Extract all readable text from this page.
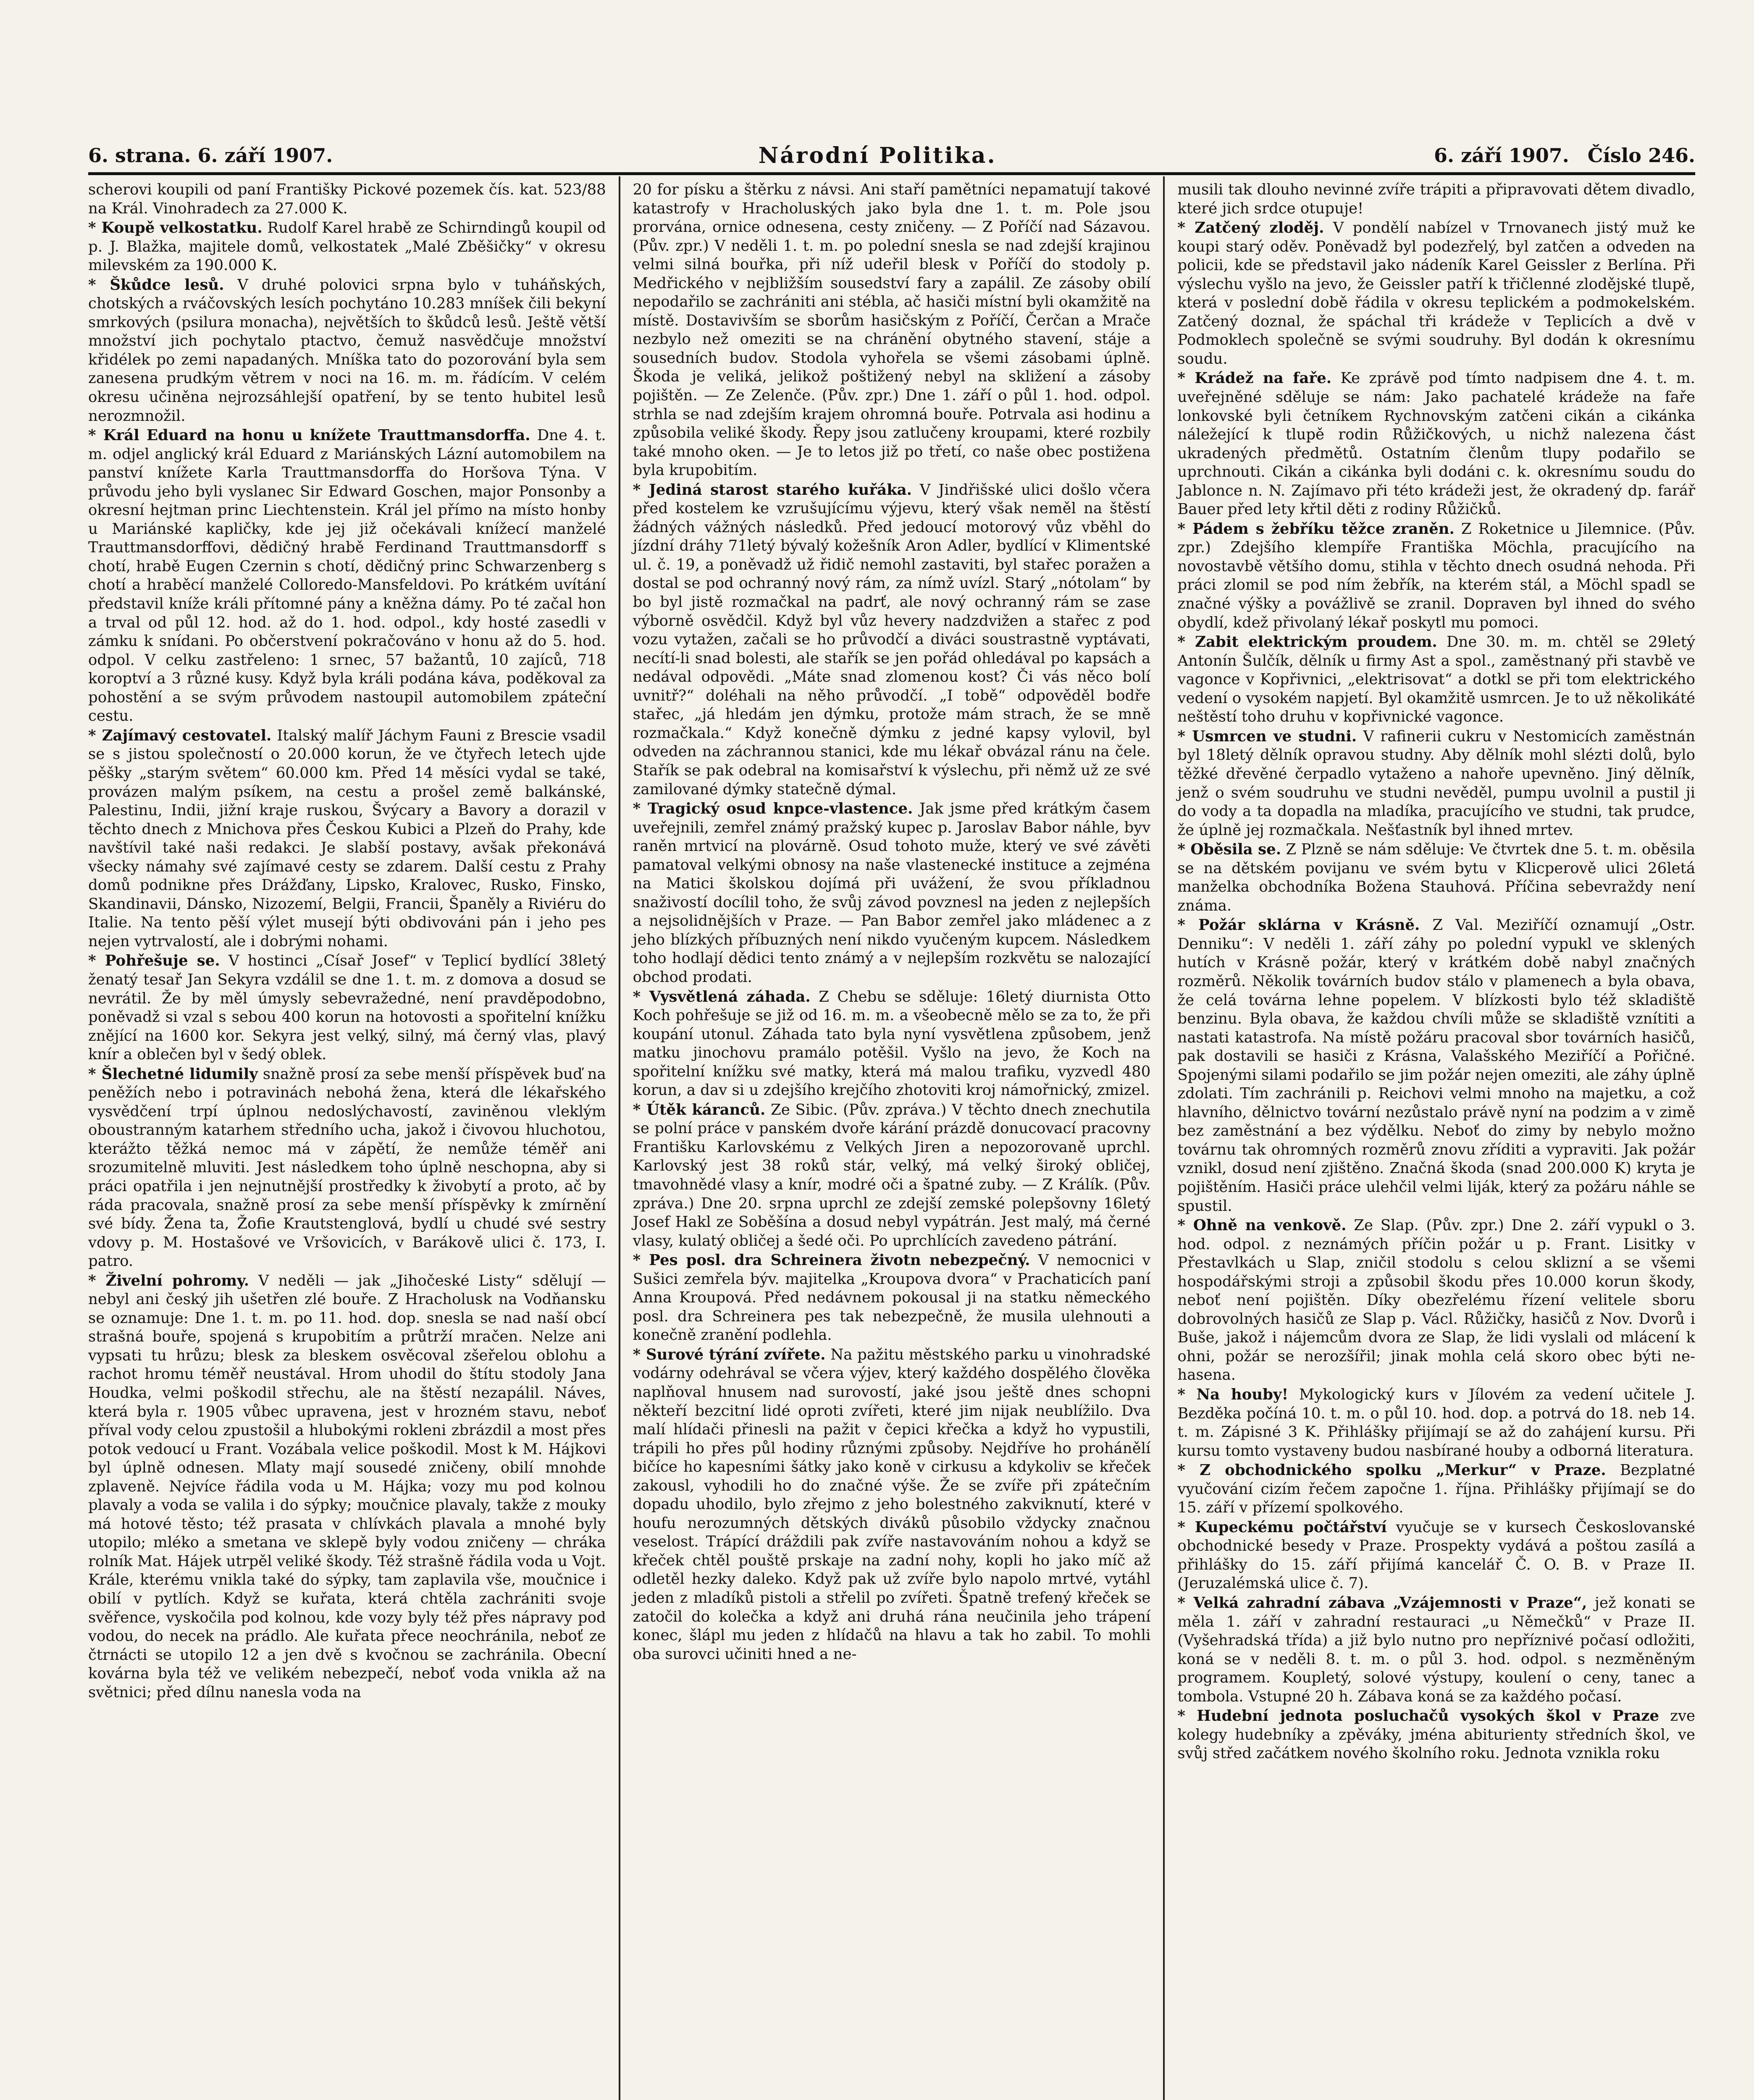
6. strana. 6. září 1907.	Národní Politika.	6. září 1907. Číslo 246.

scherovi koupili od paní Františky Pickové pozemek čís. kat. 523/88 na Král. Vinohradech za 27.000 K.

* Koupě velkostatku. Rudolf Karel hrabě ze Schirndingů koupil od p. J. Blažka, majitele domů, velkostatek „Malé Zběšičky“ v okresu milevském za 190.000 K.

* Škůdce lesů. V druhé polovici srpna bylo v tuháňských, chotských a rváčovských lesích pochytáno 10.283 mníšek čili bekyní smrkových (psilura monacha), největších to škůdců lesů. Ještě větší množství jich pochytalo ptactvo, čemuž nasvědčuje množství křidélek po zemi napadaných. Mníška tato do pozorování byla sem zanesena prudkým větrem v noci na 16. m. m. řádícím. V celém okresu učiněna nejrozsáhlejší opatření, by se tento hubitel lesů nerozmnožil.

* Král Eduard na honu u knížete Trauttmansdorffa. Dne 4. t. m. odjel anglický král Eduard z Mariánských Lázní automobilem na panství knížete Karla Trauttmansdorffa do Horšova Týna. V průvodu jeho byli vyslanec Sir Edward Goschen, major Ponsonby a okresní hejtman princ Liechtenstein. Král jel přímo na místo honby u Mariánské kapličky, kde jej již očekávali knížecí manželé Trauttmansdorffovi, dědičný hrabě Ferdinand Trauttmansdorff s chotí, hrabě Eugen Czernin s chotí, dědičný princ Schwarzenberg s chotí a hraběcí manželé Colloredo-Mansfeldovi. Po krátkém uvítání představil kníže králi přítomné pány a kněžna dámy. Po té začal hon a trval od půl 12. hod. až do 1. hod. odpol., kdy hosté zasedli v zámku k snídani. Po občerstvení pokračováno v honu až do 5. hod. odpol. V celku zastřeleno: 1 srnec, 57 bažantů, 10 zajíců, 718 koroptví a 3 různé kusy. Když byla králi podána káva, poděkoval za pohostění a se svým průvodem nastoupil automobilem zpáteční cestu.

* Zajímavý cestovatel. Italský malíř Jáchym Fauni z Brescie vsadil se s jistou společností o 20.000 korun, že ve čtyřech letech ujde pěšky „starým světem“ 60.000 km. Před 14 měsíci vydal se také, provázen malým psíkem, na cestu a prošel země balkánské, Palestinu, Indii, jižní kraje ruskou, Švýcary a Bavory a dorazil v těchto dnech z Mnichova přes Českou Kubici a Plzeň do Prahy, kde navštívil také naši redakci. Je slabší postavy, avšak překonává všecky námahy své zajímavé cesty se zdarem. Další cestu z Prahy domů podnikne přes Drážďany, Lipsko, Kralovec, Rusko, Finsko, Skandinavii, Dánsko, Nizozemí, Belgii, Francii, Španěly a Riviéru do Italie. Na tento pěší výlet musejí býti obdivováni pán i jeho pes nejen vytrvalostí, ale i dobrými nohami.

* Pohřešuje se. V hostinci „Císař Josef“ v Teplicí bydlící 38letý ženatý tesař Jan Sekyra vzdálil se dne 1. t. m. z domova a dosud se nevrátil. Že by měl úmysly sebevražedné, není pravděpodobno, poněvadž si vzal s sebou 400 korun na hotovosti a spořitelní knížku znějící na 1600 kor. Sekyra jest velký, silný, má černý vlas, plavý knír a oblečen byl v šedý oblek.

* Šlechetné lidumily snažně prosí za sebe menší příspěvek buď na peněžích nebo i potravinách nebohá žena, která dle lékařského vysvědčení trpí úplnou nedoslýchavostí, zaviněnou vleklým oboustranným katarhem středního ucha, jakož i čivovou hluchotou, kterážto těžká nemoc má v zápětí, že nemůže téměř ani srozumitelně mluviti. Jest následkem toho úplně neschopna, aby si práci opatřila i jen nejnutnější prostředky k živobytí a proto, ač by ráda pracovala, snažně prosí za sebe menší příspěvky k zmírnění své bídy. Žena ta, Žofie Krautstenglová, bydlí u chudé své sestry vdovy p. M. Hostašové ve Vršovicích, v Barákově ulici č. 173, I. patro.

* Živelní pohromy. V neděli — jak „Jihočeské Listy“ sdělují — nebyl ani český jih ušetřen zlé bouře. Z Hracholusk na Vodňansku se oznamuje: Dne 1. t. m. po 11. hod. dop. snesla se nad naší obcí strašná bouře, spojená s krupobitím a průtrží mračen. Nelze ani vypsati tu hrůzu; blesk za bleskem osvěcoval zšeřelou oblohu a rachot hromu téměř neustával. Hrom uhodil do štítu stodoly Jana Houdka, velmi poškodil střechu, ale na štěstí nezapálil. Náves, která byla r. 1905 vůbec upravena, jest v hrozném stavu, neboť příval vody celou zpustošil a hlubokými rokleni zbrázdil a most přes potok vedoucí u Frant. Vozábala velice poškodil. Most k M. Hájkovi byl úplně odnesen. Mlaty mají sousedé zničeny, obilí mnohde zplaveně. Nejvíce řádila voda u M. Hájka; vozy mu pod kolnou plavaly a voda se valila i do sýpky; moučnice plavaly, takže z mouky má hotové těsto; též prasata v chlívkách plavala a mnohé byly utopilo; mléko a smetana ve sklepě byly vodou zničeny — chráka rolník Mat. Hájek utrpěl veliké škody. Též strašně řádila voda u Vojt. Krále, kterému vnikla také do sýpky, tam zaplavila vše, moučnice i obilí v pytlích. Když se kuřata, která chtěla zachrániti svoje svěřence, vyskočila pod kolnou, kde vozy byly též přes nápravy pod vodou, do necek na prádlo. Ale kuřata přece neochránila, neboť ze čtrnácti se utopilo 12 a jen dvě s kvočnou se zachránila. Obecní kovárna byla též ve velikém nebezpečí, neboť voda vnikla až na světnici; před dílnu nanesla voda na

20 for písku a štěrku z návsi. Ani staří pamětníci nepamatují takové katastrofy v Hracholuských jako byla dne 1. t. m. Pole jsou prorvána, ornice odnesena, cesty zničeny. — Z Poříčí nad Sázavou. (Pův. zpr.) V neděli 1. t. m. po polední snesla se nad zdejší krajinou velmi silná bouřka, při níž udeřil blesk v Poříčí do stodoly p. Medřického v nejbližším sousedství fary a zapálil. Ze zásoby obilí nepodařilo se zachrániti ani stébla, ač hasiči místní byli okamžitě na místě. Dostavivším se sborům hasičským z Poříčí, Čerčan a Mrače nezbylo než omeziti se na chránění obytného stavení, stáje a sousedních budov. Stodola vyhořela se všemi zásobami úplně. Škoda je veliká, jelikož poštižený nebyl na skližení a zásoby pojištěn. — Ze Zelenče. (Pův. zpr.) Dne 1. září o půl 1. hod. odpol. strhla se nad zdejším krajem ohromná bouře. Potrvala asi hodinu a způsobila veliké škody. Řepy jsou zatlučeny kroupami, které rozbily také mnoho oken. — Je to letos již po třetí, co naše obec postižena byla krupobitím.

* Jediná starost starého kuřáka. V Jindřišské ulici došlo včera před kostelem ke vzrušujícímu výjevu, který však neměl na štěstí žádných vážných následků. Před jedoucí motorový vůz vběhl do jízdní dráhy 71letý bývalý kožešník Aron Adler, bydlící v Klimentské ul. č. 19, a poněvadž už řidič nemohl zastaviti, byl stařec poražen a dostal se pod ochranný nový rám, za nímž uvízl. Starý „nótolam“ by bo byl jistě rozmačkal na padrť, ale nový ochranný rám se zase výborně osvědčil. Když byl vůz hevery nadzdvižen a stařec z pod vozu vytažen, začali se ho průvodčí a diváci soustrastně vyptávati, necítí-li snad bolesti, ale stařík se jen pořád ohledával po kapsách a nedával odpovědi. „Máte snad zlomenou kost? Či vás něco bolí uvnitř?“ doléhali na něho průvodčí. „I tobě“ odpověděl bodře stařec, „já hledám jen dýmku, protože mám strach, že se mně rozmačkala.“ Když konečně dýmku z jedné kapsy vylovil, byl odveden na záchrannou stanici, kde mu lékař obvázal ránu na čele. Stařík se pak odebral na komisařství k výslechu, při němž už ze své zamilované dýmky statečně dýmal.

* Tragický osud knpce-vlastence. Jak jsme před krátkým časem uveřejnili, zemřel známý pražský kupec p. Jaroslav Babor náhle, byv raněn mrtvicí na plovárně. Osud tohoto muže, který ve své závěti pamatoval velkými obnosy na naše vlastenecké instituce a zejména na Matici školskou dojímá při uvážení, že svou příkladnou snaživostí docílil toho, že svůj závod povznesl na jeden z nejlepších a nejsolidnějších v Praze. — Pan Babor zemřel jako mládenec a z jeho blízkých příbuzných není nikdo vyučeným kupcem. Následkem toho hodlají dědici tento známý a v nejlepším rozkvětu se nalozající obchod prodati.

* Vysvětlená záhada. Z Chebu se sděluje: 16letý diurnista Otto Koch pohřešuje se již od 16. m. m. a všeobecně mělo se za to, že při koupání utonul. Záhada tato byla nyní vysvětlena způsobem, jenž matku jinochovu pramálo potěšil. Vyšlo na jevo, že Koch na spořitelní knížku své matky, která má malou trafiku, vyzvedl 480 korun, a dav si u zdejšího krejčího zhotoviti kroj námořnický, zmizel.

* Útěk káranců. Ze Sibic. (Pův. zpráva.) V těchto dnech znechutila se polní práce v panském dvoře kárání prázdě donucovací pracovny Františku Karlovskému z Velkých Jiren a nepozorovaně uprchl. Karlovský jest 38 roků stár, velký, má velký široký obličej, tmavohnědé vlasy a knír, modré oči a špatné zuby. — Z Králík. (Pův. zpráva.) Dne 20. srpna uprchl ze zdejší zemské polepšovny 16letý Josef Hakl ze Soběšína a dosud nebyl vypátrán. Jest malý, má černé vlasy, kulatý obličej a šedé oči. Po uprchlících zavedeno pátrání.

* Pes posl. dra Schreinera životn nebezpečný. V nemocnici v Sušici zemřela býv. majitelka „Kroupova dvora“ v Prachaticích paní Anna Kroupová. Před nedávnem pokousal ji na statku německého posl. dra Schreinera pes tak nebezpečně, že musila ulehnouti a konečně zranění podlehla.

* Surové týrání zvířete. Na pažitu městského parku u vinohradské vodárny odehrával se včera výjev, který každého dospělého člověka naplňoval hnusem nad surovostí, jaké jsou ještě dnes schopni někteří bezcitní lidé oproti zvířeti, které jim nijak neublížilo. Dva malí hlídači přinesli na pažit v čepici křečka a když ho vypustili, trápili ho přes půl hodiny různými způsoby. Nejdříve ho prohánělí bičíce ho kapesními šátky jako koně v cirkusu a kdykoliv se křeček zakousl, vyhodili ho do značné výše. Že se zvíře při zpátečním dopadu uhodilo, bylo zřejmo z jeho bolestného zakviknutí, které v houfu nerozumných dětských diváků působilo vždycky značnou veselost. Trápící dráždili pak zvíře nastavováním nohou a když se křeček chtěl pouště prskaje na zadní nohy, kopli ho jako míč až odletěl hezky daleko. Když pak už zvíře bylo napolo mrtvé, vytáhl jeden z mladíků pistoli a střelil po zvířeti. Špatně trefený křeček se zatočil do kolečka a když ani druhá rána neučinila jeho trápení konec, šlápl mu jeden z hlídačů na hlavu a tak ho zabil. To mohli oba surovci učiniti hned a ne-

musili tak dlouho nevinné zvíře trápiti a připravovati dětem divadlo, které jich srdce otupuje!

* Zatčený zloděj. V pondělí nabízel v Trnovanech jistý muž ke koupi starý oděv. Poněvadž byl podezřelý, byl zatčen a odveden na policii, kde se představil jako nádeník Karel Geissler z Berlína. Při výslechu vyšlo na jevo, že Geissler patří k třičlenné zlodějské tlupě, která v poslední době řádila v okresu teplickém a podmokelském. Zatčený doznal, že spáchal tři krádeže v Teplicích a dvě v Podmoklech společně se svými soudruhy. Byl dodán k okresnímu soudu.

* Krádež na faře. Ke zprávě pod tímto nadpisem dne 4. t. m. uveřejněné sděluje se nám: Jako pachatelé krádeže na faře lonkovské byli četníkem Rychnovským zatčeni cikán a cikánka náležející k tlupě rodin Růžičkových, u nichž nalezena část ukradených předmětů. Ostatním členům tlupy podařilo se uprchnouti. Cikán a cikánka byli dodáni c. k. okresnímu soudu do Jablonce n. N. Zajímavo při této krádeži jest, že okradený dp. farář Bauer před lety křtil děti z rodiny Růžičků.

* Pádem s žebříku těžce zraněn. Z Roketnice u Jilemnice. (Pův. zpr.) Zdejšího klempíře Františka Möchla, pracujícího na novostavbě většího domu, stihla v těchto dnech osudná nehoda. Při práci zlomil se pod ním žebřík, na kterém stál, a Möchl spadl se značné výšky a povážlivě se zranil. Dopraven byl ihned do svého obydlí, kdež přivolaný lékař poskytl mu pomoci.

* Zabit elektrickým proudem. Dne 30. m. m. chtěl se 29letý Antonín Šulčík, dělník u firmy Ast a spol., zaměstnaný při stavbě ve vagonce v Kopřivnici, „elektrisovat“ a dotkl se při tom elektrického vedení o vysokém napjetí. Byl okamžitě usmrcen. Je to už několikáté neštěstí toho druhu v kopřivnické vagonce.

* Usmrcen ve studni. V rafinerii cukru v Nestomicích zaměstnán byl 18letý dělník opravou studny. Aby dělník mohl slézti dolů, bylo těžké dřevěné čerpadlo vytaženo a nahoře upevněno. Jiný dělník, jenž o svém soudruhu ve studni nevěděl, pumpu uvolnil a pustil ji do vody a ta dopadla na mladíka, pracujícího ve studni, tak prudce, že úplně jej rozmačkala. Nešťastník byl ihned mrtev.

* Oběsila se. Z Plzně se nám sděluje: Ve čtvrtek dne 5. t. m. oběsila se na dětském povijanu ve svém bytu v Klicperově ulici 26letá manželka obchodníka Božena Stauhová. Příčina sebevraždy není známa.

* Požár sklárna v Krásně. Z Val. Meziříčí oznamují „Ostr. Denniku“: V neděli 1. září záhy po polední vypukl ve sklených hutích v Krásně požár, který v krátkém době nabyl značných rozměrů. Několik továrních budov stálo v plamenech a byla obava, že celá továrna lehne popelem. V blízkosti bylo též skladiště benzinu. Byla obava, že každou chvíli může se skladiště vznítiti a nastati katastrofa. Na místě požáru pracoval sbor továrních hasičů, pak dostavili se hasiči z Krásna, Valašského Meziříčí a Pořičné. Spojenými silami podařilo se jim požár nejen omeziti, ale záhy úplně zdolati. Tím zachránili p. Reichovi velmi mnoho na majetku, a což hlavního, dělnictvo tovární nezůstalo právě nyní na podzim a v zimě bez zaměstnání a bez výdělku. Neboť do zimy by nebylo možno továrnu tak ohromných rozměrů znovu zříditi a vypraviti. Jak požár vznikl, dosud není zjištěno. Značná škoda (snad 200.000 K) kryta je pojištěním. Hasiči práce ulehčil velmi liják, který za požáru náhle se spustil.

* Ohně na venkově. Ze Slap. (Pův. zpr.) Dne 2. září vypukl o 3. hod. odpol. z neznámých příčin požár u p. Frant. Lisitky v Přestavlkách u Slap, zničil stodolu s celou sklizní a se všemi hospodářskými stroji a způsobil škodu přes 10.000 korun škody, neboť není pojištěn. Díky obezřelému řízení velitele sboru dobrovolných hasičů ze Slap p. Václ. Růžičky, hasičů z Nov. Dvorů i Buše, jakož i nájemcům dvora ze Slap, že lidi vyslali od mlácení k ohni, požár se nerozšířil; jinak mohla celá skoro obec býti ne-hasena.

* Na houby! Mykologický kurs v Jílovém za vedení učitele J. Bezděka počíná 10. t. m. o půl 10. hod. dop. a potrvá do 18. neb 14. t. m. Zápisné 3 K. Přihlášky přijímají se až do zahájení kursu. Při kursu tomto vystaveny budou nasbírané houby a odborná literatura.

* Z obchodnického spolku „Merkur“ v Praze. Bezplatné vyučování cizím řečem započne 1. října. Přihlášky přijímají se do 15. září v přízemí spolkového.

* Kupeckému počtářství vyučuje se v kursech Českoslovanské obchodnické besedy v Praze. Prospekty vydává a poštou zasílá a přihlášky do 15. září přijímá kancelář Č. O. B. v Praze II. (Jeruzalémská ulice č. 7).

* Velká zahradní zábava „Vzájemnosti v Praze“, jež konati se měla 1. září v zahradní restauraci „u Němečků“ v Praze II. (Vyšehradská třída) a již bylo nutno pro nepříznivé počasí odložiti, koná se v neděli 8. t. m. o půl 3. hod. odpol. s nezměněným programem. Koupletý, solové výstupy, koulení o ceny, tanec a tombola. Vstupné 20 h. Zábava koná se za každého počasí.

* Hudební jednota posluchačů vysokých škol v Praze zve kolegy hudebníky a zpěváky, jména abiturienty středních škol, ve svůj střed začátkem nového školního roku. Jednota vznikla roku
